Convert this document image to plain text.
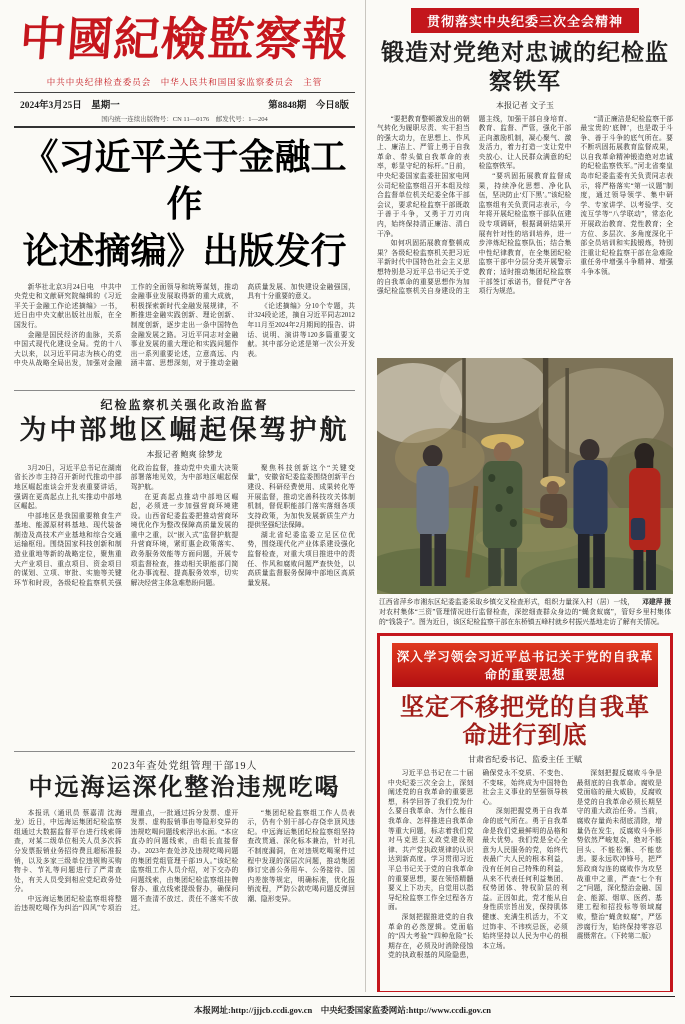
中國紀檢監察報
中共中央纪律检查委员会　中华人民共和国国家监察委员会　主管
2024年3月25日　星期一	第8848期　今日8版
国内统一连续出版物号：CN 11—0176　邮发代号：1—204
《习近平关于金融工作
论述摘编》出版发行

新华社北京3月24日电　中共中央党史和文献研究院编辑的《习近平关于金融工作论述摘编》一书，近日由中央文献出版社出版，在全国发行。

金融是国民经济的血脉，关系中国式现代化建设全局。党的十八大以来，以习近平同志为核心的党中央从战略全局出发，加强对金融工作的全面领导和统筹谋划，推动金融事业发展取得新的重大成就，积极探索新时代金融发展规律，不断推进金融实践创新、理论创新、制度创新，逐步走出一条中国特色金融发展之路。习近平同志对金融事业发展的重大理论和实践问题作出一系列重要论述，立意高远、内涵丰富、思想深刻，对于推动金融高质量发展、加快建设金融强国，具有十分重要的意义。

《论述摘编》分10个专题，共计324段论述，摘自习近平同志2012年11月至2024年2月期间的报告、讲话、说明、演讲等120多篇重要文献。其中部分论述是第一次公开发表。

纪检监察机关强化政治监督
为中部地区崛起保驾护航
本报记者 鲍爽 徐梦龙

3月20日，习近平总书记在湖南省长沙市主持召开新时代推动中部地区崛起座谈会并发表重要讲话，强调在更高起点上扎实推动中部地区崛起。

中部地区是我国重要粮食生产基地、能源原材料基地、现代装备制造及高技术产业基地和综合交通运输枢纽。围绕国家科技创新和制造业重地等新的战略定位，聚焦重大产业项目、重点项目、资金项目的谋划、立项、审批、实施等关键环节和时段，各级纪检监察机关强化政治监督，推动党中央重大决策部署落地见效，为中部地区崛起保驾护航。

在更高起点推动中部地区崛起，必须进一步加强营商环境建设。山西省纪委监委把推动营商环境优化作为整改保障高质量发展的重中之重，以“嵌入式”监督护航提升营商环境，紧盯惠企政策落实、政务服务效能等方面问题，开展专项监督检查，推动相关职能部门简化办事流程、提高服务效率，切实解决经营主体急难愁盼问题。

聚焦科技创新这个“关键变量”，安徽省纪委监委围绕创新平台建设、科研经费使用、成果转化等开展监督，推动完善科技攻关体制机制，督促职能部门落实落细各项支持政策，为加快发展新质生产力提供坚强纪法保障。

湖北省纪委监委立足区位优势，围绕现代化产业体系建设强化监督检查，对重大项目推进中的责任、作风和腐败问题严查快处，以高质量监督服务保障中部地区高质量发展。

2023年查处党组管理干部19人
中远海运深化整治违规吃喝

本报讯（通讯员 蔡嘉清 沈海龙）近日，中远海运集团纪检监察组通过大数据监督平台进行线索筛查，对某二级单位相关人员多次拆分发票报销业务招待费且超标准报销，以及多家三级单位违规购买购物卡、节礼等问题进行了严肃查处，有关人员受到相应党纪政务处分。

中远海运集团纪检监察组将整治违规吃喝作为纠治“四风”专项治理重点，一批通过拆分发票、虚开发票、虚构报销事由等隐形变异的违规吃喝问题线索浮出水面。“本应直办的问题线索，由组长直接督办。2023年查处涉及违规吃喝问题的集团党组管理干部19人。”该纪检监察组工作人员介绍，对下交办的问题线索，由集团纪检监察组挂牌督办、重点线索提级督办，确保问题不查清不放过、责任不落实不放过。

“集团纪检监察组工作人员表示，仍有个别干部心存侥幸顶风违纪。中远海运集团纪检监察组坚持查改贯通、深化标本兼治，针对孔不制度漏洞，在对违规吃喝案件过程中发现的深层次问题，推动集团修订完善公务用车、公务接待、国内差旅等规定，明确标准，优化报销流程，严防公款吃喝问题反弹回潮、隐形变异。

贯彻落实中央纪委三次全会精神
锻造对党绝对忠诚的纪检监察铁军
本报记者 文子玉

“要把教育整顿激发出的朝气转化为履职尽责、实干担当的强大动力，在思想上、作风上、廉洁上、严管上勇于自我革命、带头做自我革命的表率，彰显守纪的标杆。”日前，中央纪委国家监委驻国家电网公司纪检监察组召开本组及综合监督单位机关纪委全体干部会议，要求纪检监察干部既敢于善于斗争，又勇于刀刃向内，始终保持清正廉洁、清白干净。

如何巩固拓展教育整顿成果？各级纪检监察机关把习近平新时代中国特色社会主义思想特别是习近平总书记关于党的自我革命的重要思想作为加强纪检监察机关自身建设的主题主线，加强干部自身培育、教育、监督、严管，强化干部正向激励机制，凝心聚气、激发活力，着力打造一支让党中央放心、让人民群众满意的纪检监察铁军。

“要巩固拓展教育监督成果，持续净化思想、净化队伍，坚决防止‘灯下黑’。”该纪检监察组有关负责同志表示，今年将开展纪检监察干部队伍建设专项调研，根据调研结果开展有针对性的培训培养，进一步淬炼纪检监察队伍；结合集中性纪律教育，在全集团纪检监察干部中分层分类开展警示教育；适时推动集团纪检监察干部签订承诺书，督促严守各项行为规范。

“清正廉洁是纪检监察干部最宝贵的‘底牌’，也是敢于斗争、善于斗争的底气所在。要不断巩固拓展教育监督成果，以自我革命精神锻造绝对忠诚的纪检监察铁军。”河北省秦皇岛市纪委监委有关负责同志表示，将严格落实“第一议题”制度，通过领导领学、集中研学、专家讲学、以考验学、交流互学等“八学联动”，常态化开展政治教育、党性教育；全方位、多层次、多角度深化干部全员培训和实践锻炼，特别注重让纪检监察干部在急难险重任务中增强斗争精神、增强斗争本领。

邓建萍 摄
江西省萍乡市湘东区纪委监委采取乡镇交叉检查形式，组织力量深入村（居）一线，对农村集体“三资”管理情况进行监督检查，深挖细查群众身边的“蝇贪蚁腐”，管好乡里村集体的“钱袋子”。图为近日，该区纪检监察干部在东桥镇五峰村就乡村振兴基地走访了解有关情况。

深入学习领会习近平总书记关于党的自我革命的重要思想
坚定不移把党的自我革命进行到底
甘肃省纪委书记、监委主任 王赋

习近平总书记在二十届中央纪委三次全会上，深刻阐述党的自我革命的重要思想，科学回答了我们党为什么要自我革命、为什么能自我革命、怎样推进自我革命等重大问题，标志着我们党对马克思主义政党建设规律、共产党执政规律的认识达到新高度。学习贯彻习近平总书记关于党的自我革命的重要思想，要在领悟精髓要义上下功夫，自觉用以指导纪检监察工作全过程各方面。

深刻把握推进党的自我革命的必然逻辑。党面临的“四大考验”“四种危险”长期存在，必须及时消除侵蚀党的执政根基的风险隐患，确保党永不变质、不变色、不变味，始终成为中国特色社会主义事业的坚强领导核心。

深刻把握党勇于自我革命的底气所在。勇于自我革命是我们党最鲜明的品格和最大优势。我们党是全心全意为人民服务的党，始终代表最广大人民的根本利益，没有任何自己特殊的利益，从来不代表任何利益集团、权势团体、特权阶层的利益。正因如此，党才能从自身性质宗旨出发，保持肌体健康、充满生机活力，不文过饰非、不讳疾忌医，必须始终坚持以人民为中心的根本立场。

深刻把握反腐败斗争是最彻底的自我革命。腐败是党面临的最大威胁，反腐败是党的自我革命必须长期坚守的重大政治任务。当前，腐败存量尚未彻底清除，增量仍在发生，反腐败斗争形势依然严峻复杂，绝对不能回头、不能松懈、不能慈悲。要永远吹冲锋号，把严惩政商勾连的腐败作为攻坚战重中之重，严查“七个有之”问题，深化整治金融、国企、能源、烟草、医药、基建工程和招投标等领域腐败，整治“蝇贪蚁腐”，严惩涉腐行为，始终保持零容忍震慑常在。（下转第二版）

本报网址:http://jjjcb.ccdi.gov.cn　中央纪委国家监委网站:http://www.ccdi.gov.cn
